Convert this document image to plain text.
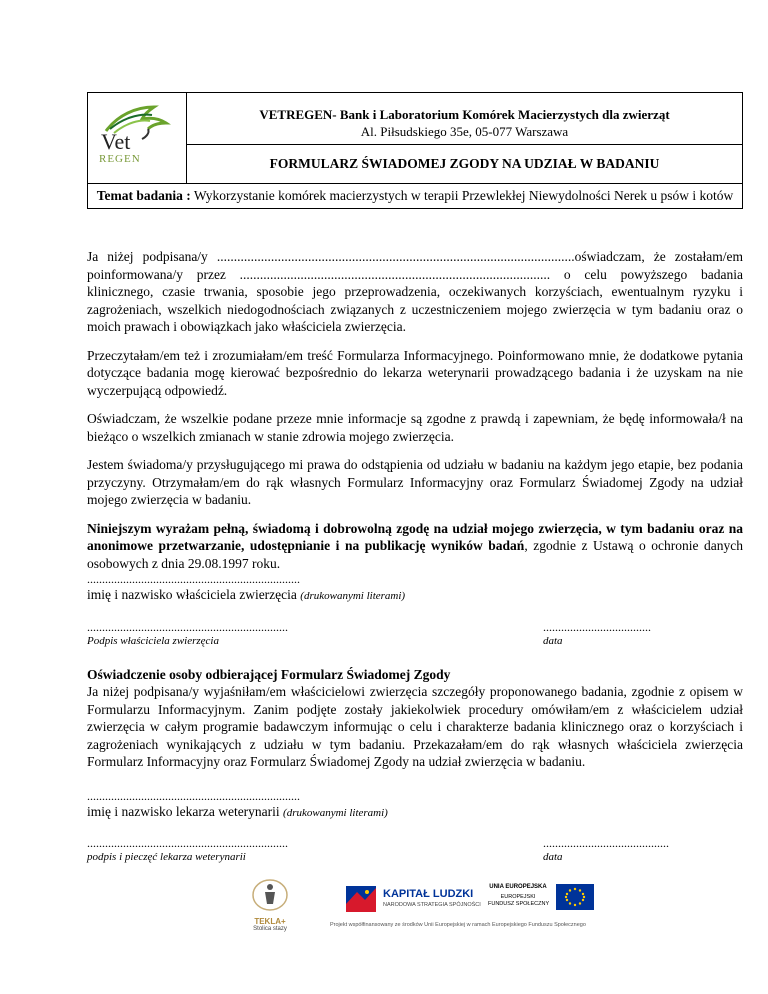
Vet
REGEN
VETREGEN- Bank i Laboratorium Komórek Macierzystych dla zwierząt
Al. Piłsudskiego 35e, 05-077 Warszawa
FORMULARZ ŚWIADOMEJ ZGODY NA UDZIAŁ W BADANIU
Temat badania : Wykorzystanie komórek macierzystych w terapii Przewlekłej Niewydolności Nerek u psów i kotów

Ja niżej podpisana/y ..........................................................................................................oświadczam, że zostałam/em poinformowana/y przez ............................................................................................ o celu powyższego badania klinicznego, czasie trwania, sposobie jego przeprowadzenia, oczekiwanych korzyściach, ewentualnym ryzyku i zagrożeniach, wszelkich niedogodnościach związanych z uczestniczeniem mojego zwierzęcia w tym badaniu oraz o moich prawach i obowiązkach jako właściciela zwierzęcia.

Przeczytałam/em też i zrozumiałam/em treść Formularza Informacyjnego. Poinformowano mnie, że dodatkowe pytania dotyczące badania mogę kierować bezpośrednio do lekarza weterynarii prowadzącego badania i że uzyskam na nie wyczerpującą odpowiedź.

Oświadczam, że wszelkie podane przeze mnie informacje są zgodne z prawdą i zapewniam, że będę informowała/ł na bieżąco o wszelkich zmianach w stanie zdrowia mojego zwierzęcia.

Jestem świadoma/y przysługującego mi prawa do odstąpienia od udziału w badaniu na każdym jego etapie, bez podania przyczyny. Otrzymałam/em do rąk własnych Formularz Informacyjny oraz Formularz Świadomej Zgody na udział mojego zwierzęcia w badaniu.

Niniejszym wyrażam pełną, świadomą i dobrowolną zgodę na udział mojego zwierzęcia, w tym badaniu oraz na anonimowe przetwarzanie, udostępnianie i na publikację wyników badań, zgodnie z Ustawą o ochronie danych osobowych z dnia 29.08.1997 roku.

.......................................................................
imię i nazwisko właściciela zwierzęcia (drukowanymi literami)
...................................................................
Podpis właściciela zwierzęcia
....................................
data
Oświadczenie osoby odbierającej Formularz Świadomej Zgody

Ja niżej podpisana/y wyjaśniłam/em właścicielowi zwierzęcia szczegóły proponowanego badania, zgodnie z opisem w Formularzu Informacyjnym. Zanim podjęte zostały jakiekolwiek procedury omówiłam/em z właścicielem udział zwierzęcia w całym programie badawczym informując o celu i charakterze badania klinicznego oraz o korzyściach i zagrożeniach wynikających z udziału w tym badaniu. Przekazałam/em do rąk własnych właściciela zwierzęcia Formularz Informacyjny oraz Formularz Świadomej Zgody na udział zwierzęcia w badaniu.

.......................................................................
imię i nazwisko lekarza weterynarii (drukowanymi literami)
...................................................................
podpis i pieczęć lekarza weterynarii
..........................................
data
TEKLA+
Stolica stazy
KAPITAŁ LUDZKI
NARODOWA STRATEGIA SPÓJNOŚCI
UNIA EUROPEJSKA
EUROPEJSKI
FUNDUSZ SPOŁECZNY
Projekt współfinansowany ze środków Unii Europejskiej w ramach Europejskiego Funduszu Społecznego
